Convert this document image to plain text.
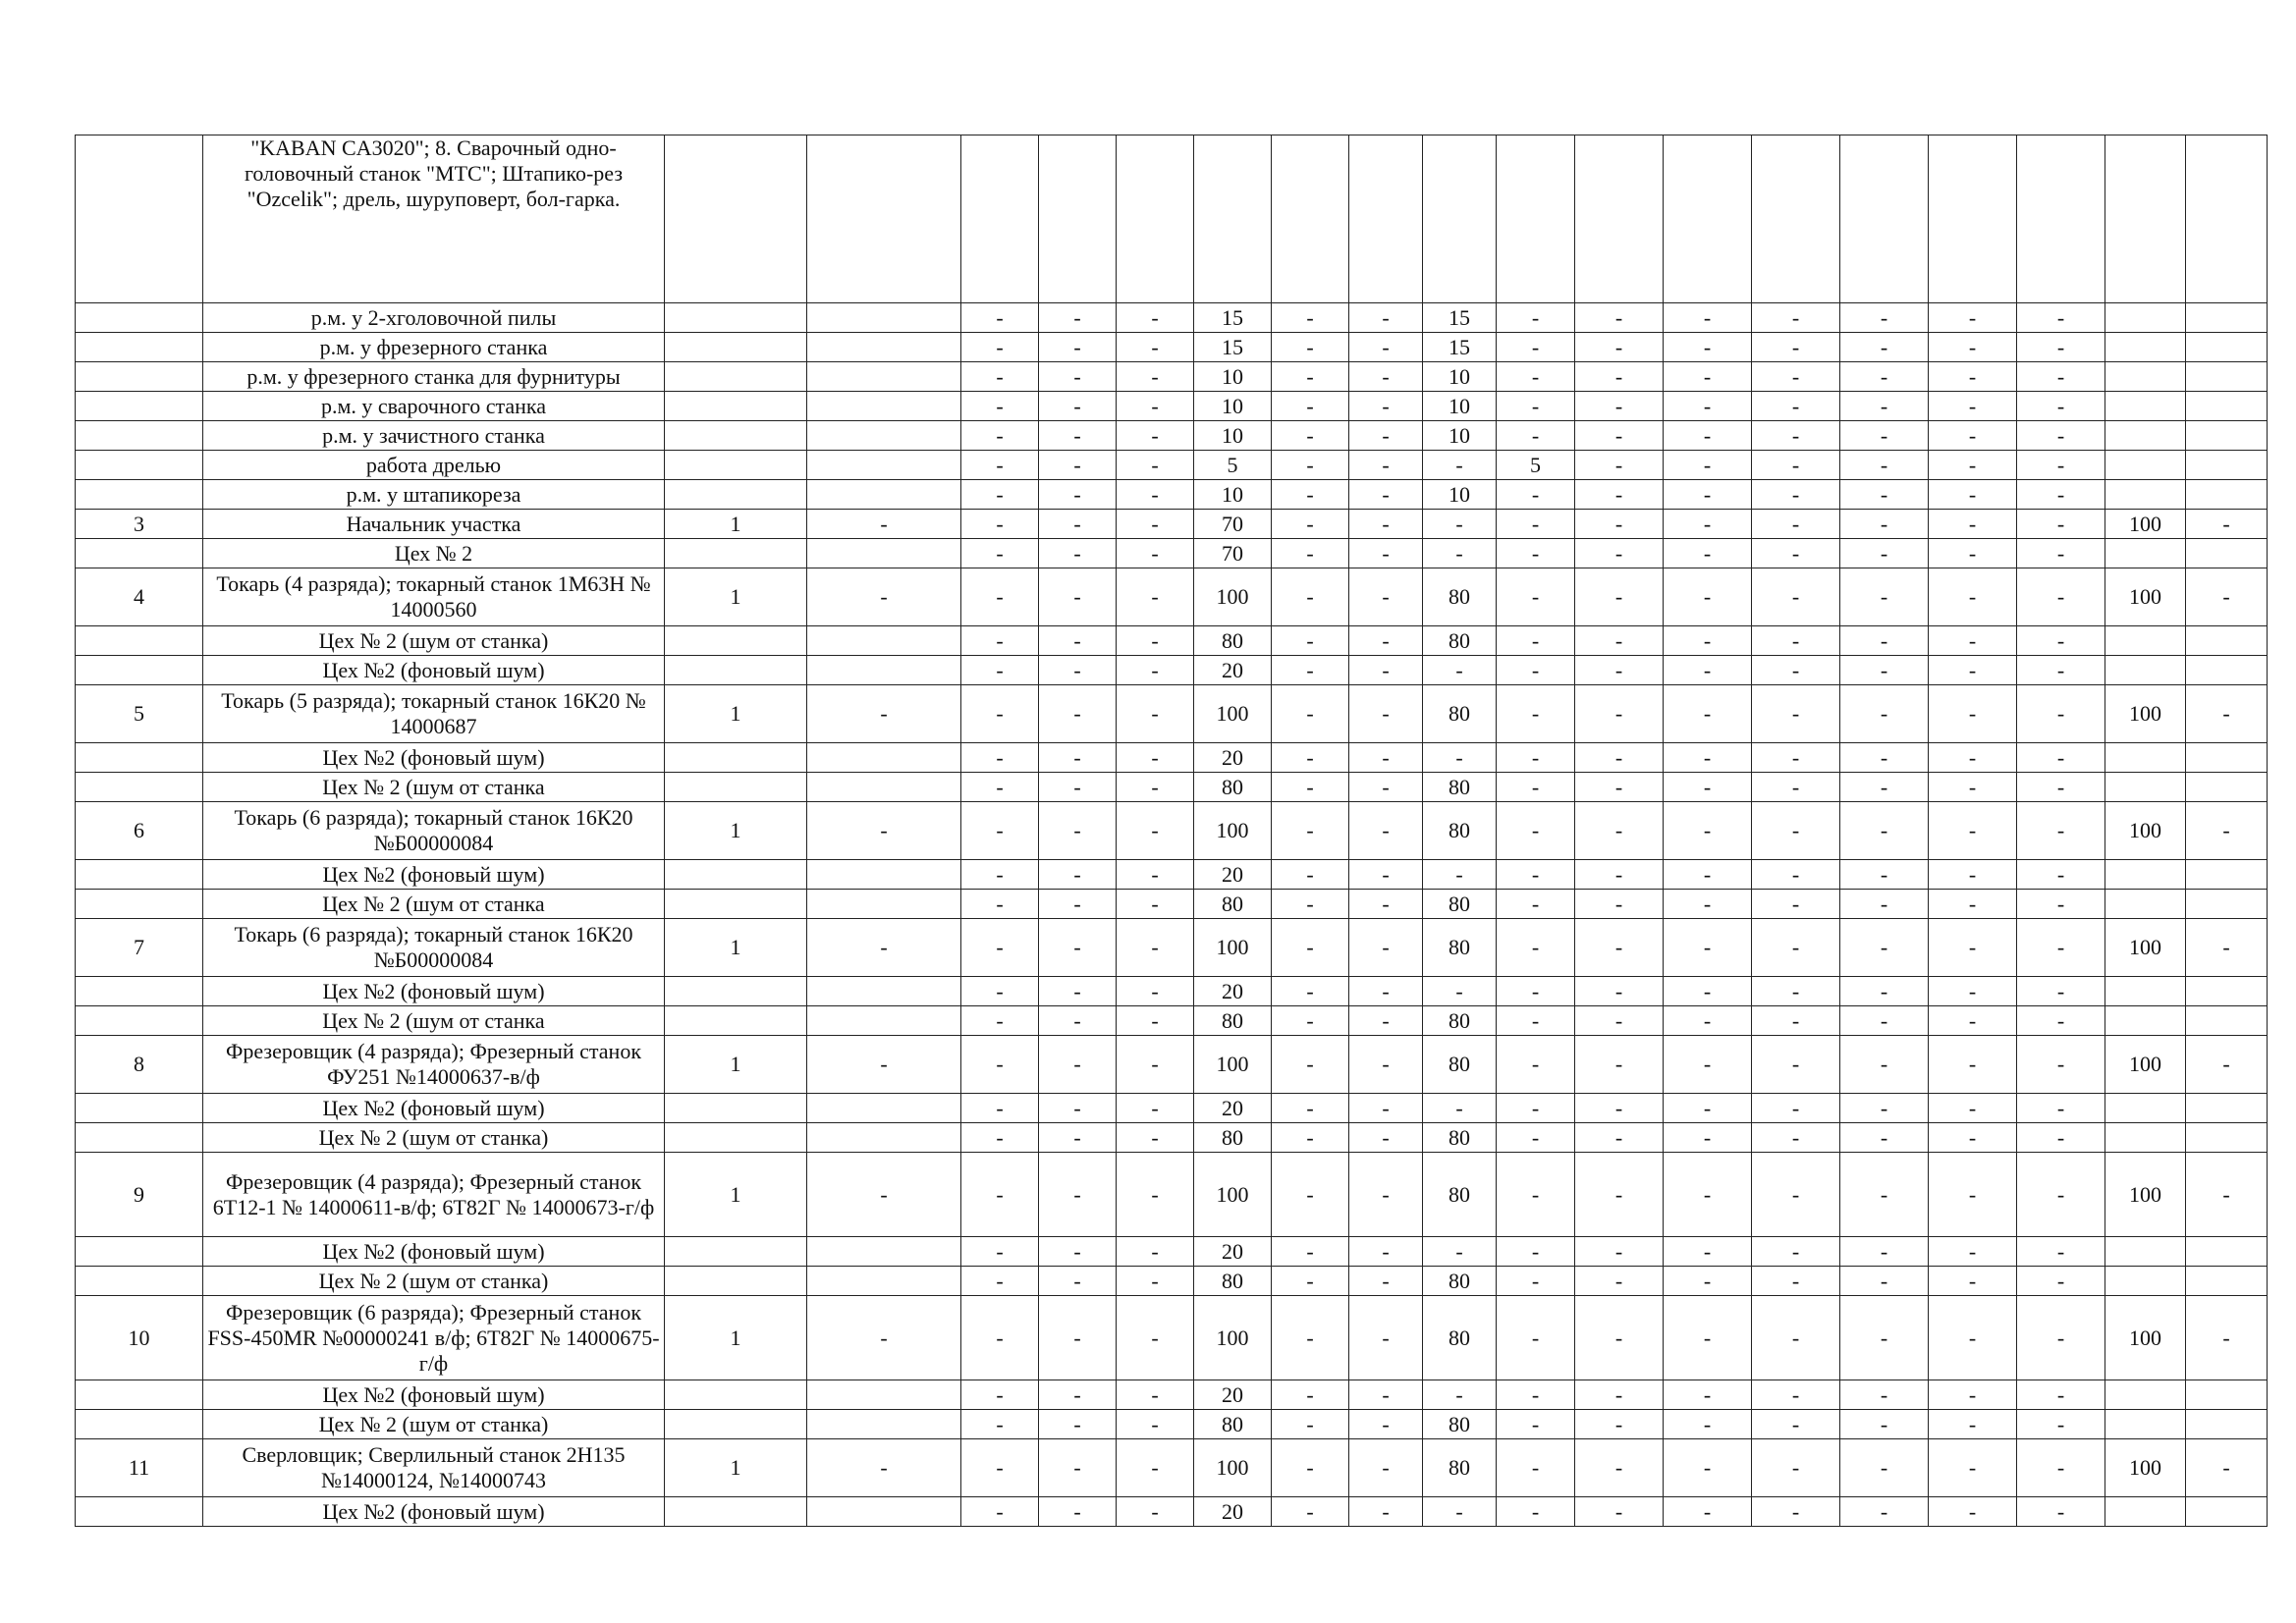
	"KABAN CA3020"; 8. Сварочный одно-головочный станок "МТС"; Штапико-рез "Ozcelik"; дрель, шуруповерт, бол-гарка.																		
	р.м. у 2-хголовочной пилы			-	-	-	15	-	-	15	-	-	-	-	-	-	-		
	р.м. у фрезерного станка			-	-	-	15	-	-	15	-	-	-	-	-	-	-		
	р.м. у фрезерного станка для фурнитуры			-	-	-	10	-	-	10	-	-	-	-	-	-	-		
	р.м. у сварочного станка			-	-	-	10	-	-	10	-	-	-	-	-	-	-		
	р.м. у зачистного станка			-	-	-	10	-	-	10	-	-	-	-	-	-	-		
	работа дрелью			-	-	-	5	-	-	-	5	-	-	-	-	-	-		
	р.м. у штапикореза			-	-	-	10	-	-	10	-	-	-	-	-	-	-		
3	Начальник участка	1	-	-	-	-	70	-	-	-	-	-	-	-	-	-	-	100	-
	Цех № 2			-	-	-	70	-	-	-	-	-	-	-	-	-	-		
4	Токарь (4 разряда); токарный станок 1М63Н № 14000560	1	-	-	-	-	100	-	-	80	-	-	-	-	-	-	-	100	-
	Цех № 2 (шум от станка)			-	-	-	80	-	-	80	-	-	-	-	-	-	-		
	Цех №2 (фоновый шум)			-	-	-	20	-	-	-	-	-	-	-	-	-	-		
5	Токарь (5 разряда); токарный станок 16К20 № 14000687	1	-	-	-	-	100	-	-	80	-	-	-	-	-	-	-	100	-
	Цех №2 (фоновый шум)			-	-	-	20	-	-	-	-	-	-	-	-	-	-		
	Цех № 2 (шум от станка			-	-	-	80	-	-	80	-	-	-	-	-	-	-		
6	Токарь (6 разряда); токарный станок 16К20 №Б00000084	1	-	-	-	-	100	-	-	80	-	-	-	-	-	-	-	100	-
	Цех №2 (фоновый шум)			-	-	-	20	-	-	-	-	-	-	-	-	-	-		
	Цех № 2 (шум от станка			-	-	-	80	-	-	80	-	-	-	-	-	-	-		
7	Токарь (6 разряда); токарный станок 16К20 №Б00000084	1	-	-	-	-	100	-	-	80	-	-	-	-	-	-	-	100	-
	Цех №2 (фоновый шум)			-	-	-	20	-	-	-	-	-	-	-	-	-	-		
	Цех № 2 (шум от станка			-	-	-	80	-	-	80	-	-	-	-	-	-	-		
8	Фрезеровщик (4 разряда); Фрезерный станок ФУ251 №14000637-в/ф	1	-	-	-	-	100	-	-	80	-	-	-	-	-	-	-	100	-
	Цех №2 (фоновый шум)			-	-	-	20	-	-	-	-	-	-	-	-	-	-		
	Цех № 2 (шум от станка)			-	-	-	80	-	-	80	-	-	-	-	-	-	-		
9	Фрезеровщик (4 разряда); Фрезерный станок 6Т12-1 № 14000611-в/ф; 6Т82Г № 14000673-г/ф	1	-	-	-	-	100	-	-	80	-	-	-	-	-	-	-	100	-
	Цех №2 (фоновый шум)			-	-	-	20	-	-	-	-	-	-	-	-	-	-		
	Цех № 2 (шум от станка)			-	-	-	80	-	-	80	-	-	-	-	-	-	-		
10	Фрезеровщик (6 разряда); Фрезерный станок FSS-450MR №00000241 в/ф; 6Т82Г № 14000675-г/ф	1	-	-	-	-	100	-	-	80	-	-	-	-	-	-	-	100	-
	Цех №2 (фоновый шум)			-	-	-	20	-	-	-	-	-	-	-	-	-	-		
	Цех № 2 (шум от станка)			-	-	-	80	-	-	80	-	-	-	-	-	-	-		
11	Сверловщик; Сверлильный станок 2Н135 №14000124, №14000743	1	-	-	-	-	100	-	-	80	-	-	-	-	-	-	-	100	-
	Цех №2 (фоновый шум)			-	-	-	20	-	-	-	-	-	-	-	-	-	-		
